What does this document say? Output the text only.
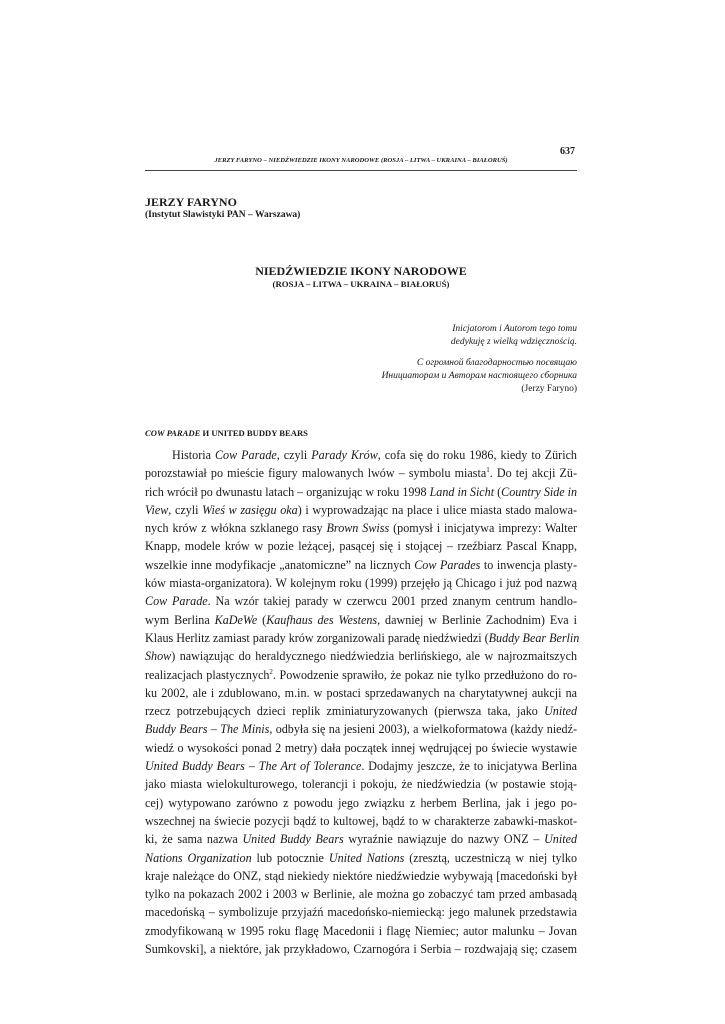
637
JERZY FARYNO – NIEDŹWIEDZIE IKONY NARODOWE (ROSJA – LITWA – UKRAINA – BIAŁORUŚ)
JERZY FARYNO
(Instytut Slawistyki PAN – Warszawa)
NIEDŹWIEDZIE IKONY NARODOWE
(ROSJA – LITWA – UKRAINA – BIAŁORUŚ)
Inicjatorom i Autorom tego tomu
dedykuję z wielką wdzięcznością.
С огромной благодарностью посвящаю
Инициаторам и Авторам настоящего сборника
(Jerzy Faryno)
COW PARADE И UNITED BUDDY BEARS
Historia Cow Parade, czyli Parady Krów, cofa się do roku 1986, kiedy to Zürich
porozstawiał po mieście figury malowanych lwów – symbolu miasta$^1$. Do tej akcji Zü-
rich wrócił po dwunastu latach – organizując w roku 1998 Land in Sicht (Country Side in
View, czyli Wieś w zasięgu oka) i wyprowadzając na place i ulice miasta stado malowa-
nych krów z włókna szklanego rasy Brown Swiss (pomysł i inicjatywa imprezy: Walter
Knapp, modele krów w pozie leżącej, pasącej się i stojącej – rzeźbiarz Pascal Knapp,
wszelkie inne modyfikacje „anatomiczne” na licznych Cow Parades to inwencja plasty-
ków miasta-organizatora). W kolejnym roku (1999) przejęło ją Chicago i już pod nazwą
Cow Parade. Na wzór takiej parady w czerwcu 2001 przed znanym centrum handlo-
wym Berlina KaDeWe (Kaufhaus des Westens, dawniej w Berlinie Zachodnim) Eva i
Klaus Herlitz zamiast parady krów zorganizowali paradę niedźwiedzi (Buddy Bear Berlin
Show) nawiązując do heraldycznego niedźwiedzia berlińskiego, ale w najrozmaitszych
realizacjach plastycznych$^2$. Powodzenie sprawiło, że pokaz nie tylko przedłużono do ro-
ku 2002, ale i zdublowano, m.in. w postaci sprzedawanych na charytatywnej aukcji na
rzecz potrzebujących dzieci replik zminiaturyzowanych (pierwsza taka, jako United
Buddy Bears – The Minis, odbyła się na jesieni 2003), a wielkoformatowa (każdy niedź-
wiedź o wysokości ponad 2 metry) dała początek innej wędrującej po świecie wystawie
United Buddy Bears – The Art of Tolerance. Dodajmy jeszcze, że to inicjatywa Berlina
jako miasta wielokulturowego, tolerancji i pokoju, że niedźwiedzia (w postawie stoją-
cej) wytypowano zarówno z powodu jego związku z herbem Berlina, jak i jego po-
wszechnej na świecie pozycji bądź to kultowej, bądź to w charakterze zabawki-maskot-
ki, że sama nazwa United Buddy Bears wyraźnie nawiązuje do nazwy ONZ – United
Nations Organization lub potocznie United Nations (zresztą, uczestniczą w niej tylko
kraje należące do ONZ, stąd niekiedy niektóre niedźwiedzie wybywają [macedoński był
tylko na pokazach 2002 i 2003 w Berlinie, ale można go zobaczyć tam przed ambasadą
macedońską – symbolizuje przyjaźń macedońsko-niemiecką: jego malunek przedstawia
zmodyfikowaną w 1995 roku flagę Macedonii i flagę Niemiec; autor malunku – Jovan
Sumkovski], a niektóre, jak przykładowo, Czarnogóra i Serbia – rozdwajają się; czasem
